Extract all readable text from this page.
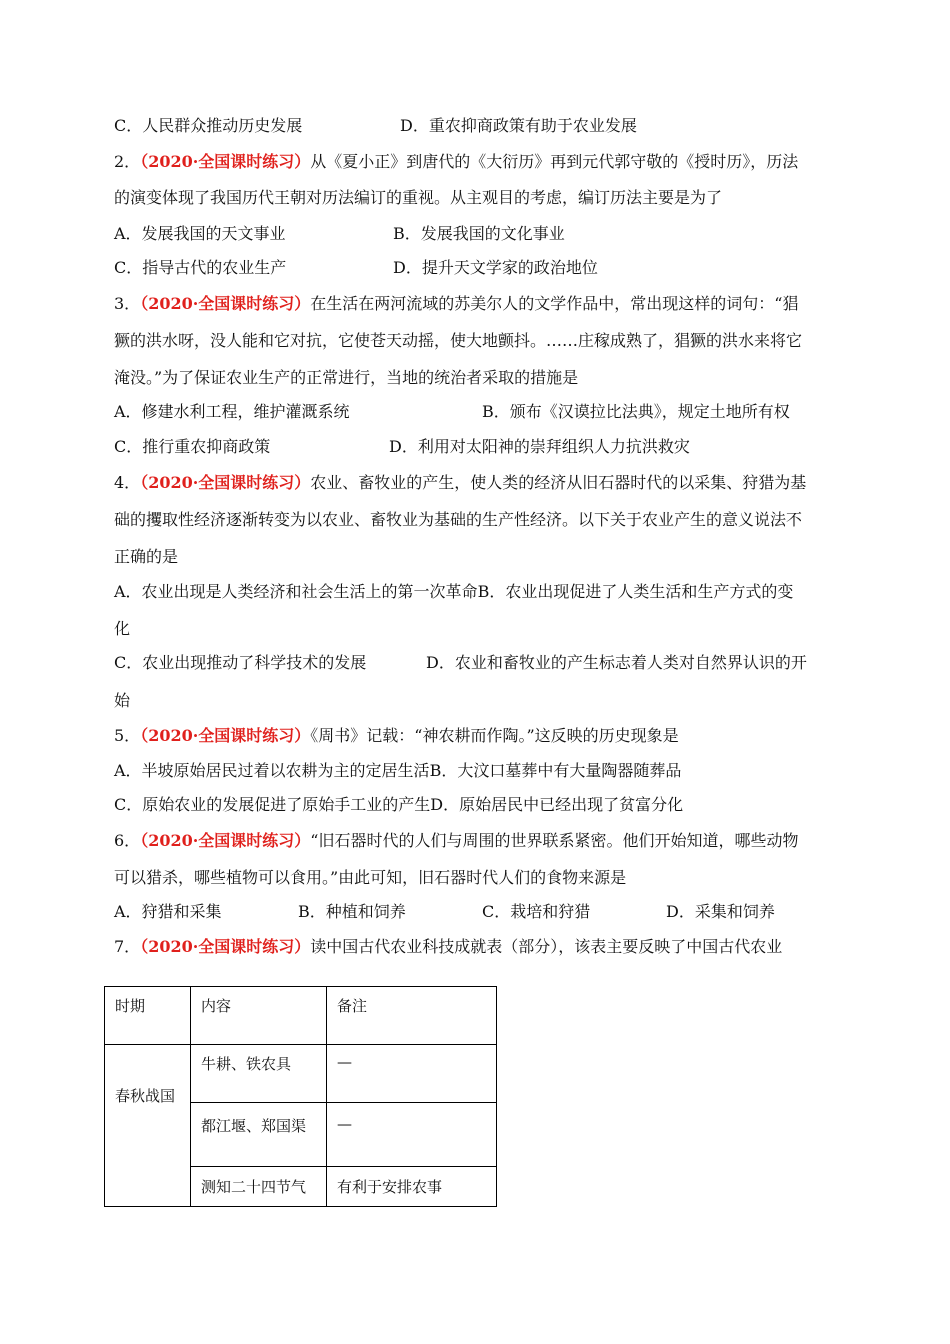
C．人民群众推动历史发展	D．重农抑商政策有助于农业发展
2．（2020·全国课时练习）从《夏小正》到唐代的《大衍历》再到元代郭守敬的《授时历》，历法
的演变体现了我国历代王朝对历法编订的重视。从主观目的考虑，编订历法主要是为了
A．发展我国的天文事业	B．发展我国的文化事业
C．指导古代的农业生产	D．提升天文学家的政治地位
3．（2020·全国课时练习）在生活在两河流域的苏美尔人的文学作品中，常出现这样的词句：“猖
獗的洪水呀，没人能和它对抗，它使苍天动摇，使大地颤抖。……庄稼成熟了，猖獗的洪水来将它
淹没。”为了保证农业生产的正常进行，当地的统治者采取的措施是
A．修建水利工程，维护灌溉系统	B．颁布《汉谟拉比法典》，规定土地所有权
C．推行重农抑商政策	D．利用对太阳神的崇拜组织人力抗洪救灾
4．（2020·全国课时练习）农业、畜牧业的产生，使人类的经济从旧石器时代的以采集、狩猎为基
础的攫取性经济逐渐转变为以农业、畜牧业为基础的生产性经济。以下关于农业产生的意义说法不
正确的是
A．农业出现是人类经济和社会生活上的第一次革命B．农业出现促进了人类生活和生产方式的变
化
C．农业出现推动了科学技术的发展	D．农业和畜牧业的产生标志着人类对自然界认识的开
始
5．（2020·全国课时练习）《周书》记载：“神农耕而作陶。”这反映的历史现象是
A．半坡原始居民过着以农耕为主的定居生活B．大汶口墓葬中有大量陶器随葬品
C．原始农业的发展促进了原始手工业的产生D．原始居民中已经出现了贫富分化
6．（2020·全国课时练习）“旧石器时代的人们与周围的世界联系紧密。他们开始知道，哪些动物
可以猎杀，哪些植物可以食用。”由此可知，旧石器时代人们的食物来源是
A．狩猎和采集	B．种植和饲养	C．栽培和狩猎	D．采集和饲养
7．（2020·全国课时练习）读中国古代农业科技成就表（部分），该表主要反映了中国古代农业
时期	内容	备注
春秋战国	牛耕、铁农具	—
	都江堰、郑国渠	—
	测知二十四节气	有利于安排农事
